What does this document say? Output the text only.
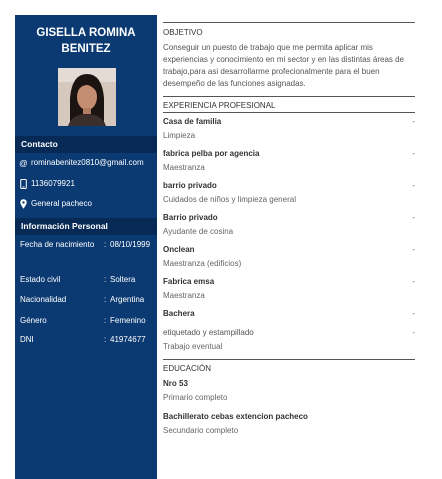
GISELLA ROMINA
BENITEZ
Contacto
@ rominabenitez0810@gmail.com
1136079921
General pacheco
Información Personal
Fecha de nacimiento	: 08/10/1999
Estado civil	: Soltera
Nacionalidad	: Argentina
Género	: Femenino
DNI	: 41974677
OBJETIVO
Conseguir un puesto de trabajo que me permita aplicar mis experiencias y conocimiento en mi sector y en las distintas áreas de trabajo,para asi desarrollarme profecionalmente para el buen desempeño de las funciones asignadas.
EXPERIENCIA PROFESIONAL
Casa de familia	-
Limpieza
fabrica pelba por agencia	-
Maestranza
barrio privado	-
Cuidados de niños y limpieza general
Barrio privado	-
Ayudante de cosina
Onclean	-
Maestranza (edificios)
Fabrica emsa	-
Maestranza
Bachera	-
etiquetado y estampillado	-
Trabajo eventual
EDUCACIÓN
Nro 53
Primario completo
Bachillerato cebas extencion pacheco
Secundario completo
